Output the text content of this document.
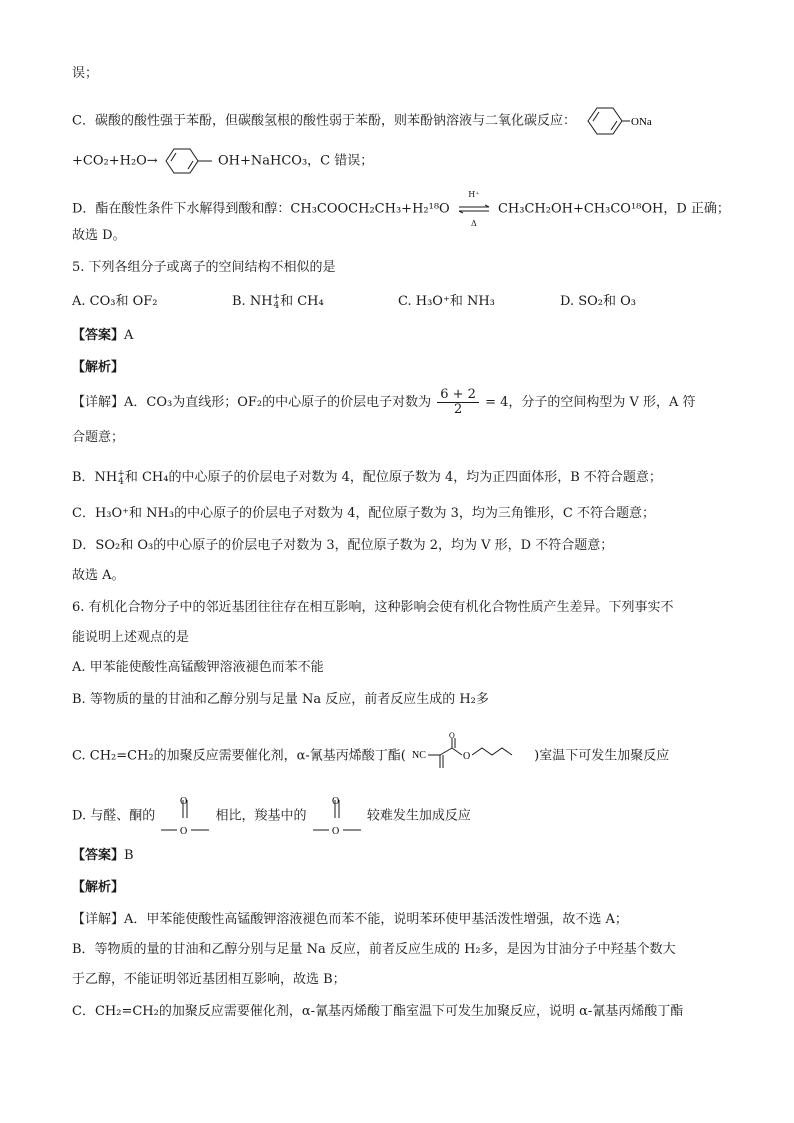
误；
C．碳酸的酸性强于苯酚，但碳酸氢根的酸性弱于苯酚，则苯酚钠溶液与二氧化碳反应：	ONa
+CO₂+H₂O→	OH+NaHCO₃，C 错误；
D．酯在酸性条件下水解得到酸和醇：CH₃COOCH₂CH₃+H₂¹⁸O
H⁺
Δ
CH₃CH₂OH+CH₃CO¹⁸OH，D 正确；
故选 D。
5. 下列各组分子或离子的空间结构不相似的是
A. CO₃和 OF₂	B. NH+
4和 CH₄	C. H₃O⁺和 NH₃	D. SO₂和 O₃
【答案】A
【解析】
【详解】A．CO₃为直线形；OF₂的中心原子的价层电子对数为 $\frac{6 + 2}{2} = 4$，分子的空间构型为 V 形，A 符
合题意；
B．NH+
4和 CH₄的中心原子的价层电子对数为 4，配位原子数为 4，均为正四面体形，B 不符合题意；
C．H₃O⁺和 NH₃的中心原子的价层电子对数为 4，配位原子数为 3，均为三角锥形，C 不符合题意；
D．SO₂和 O₃的中心原子的价层电子对数为 3，配位原子数为 2，均为 V 形，D 不符合题意；
故选 A。
6. 有机化合物分子中的邻近基团往往存在相互影响，这种影响会使有机化合物性质产生差异。下列事实不
能说明上述观点的是
A. 甲苯能使酸性高锰酸钾溶液褪色而苯不能
B. 等物质的量的甘油和乙醇分别与足量 Na 反应，前者反应生成的 H₂多
C. CH₂=CH₂的加聚反应需要催化剂，α-氰基丙烯酸丁酯( NC
O
O	)室温下可发生加聚反应
D. 与醛、酮的
O
O
相比，羧基中的
O
O
较难发生加成反应
【答案】B
【解析】
【详解】A．甲苯能使酸性高锰酸钾溶液褪色而苯不能，说明苯环使甲基活泼性增强，故不选 A；
B．等物质的量的甘油和乙醇分别与足量 Na 反应，前者反应生成的 H₂多，是因为甘油分子中羟基个数大
于乙醇，不能证明邻近基团相互影响，故选 B；
C．CH₂=CH₂的加聚反应需要催化剂，α-氰基丙烯酸丁酯室温下可发生加聚反应，说明 α-氰基丙烯酸丁酯
